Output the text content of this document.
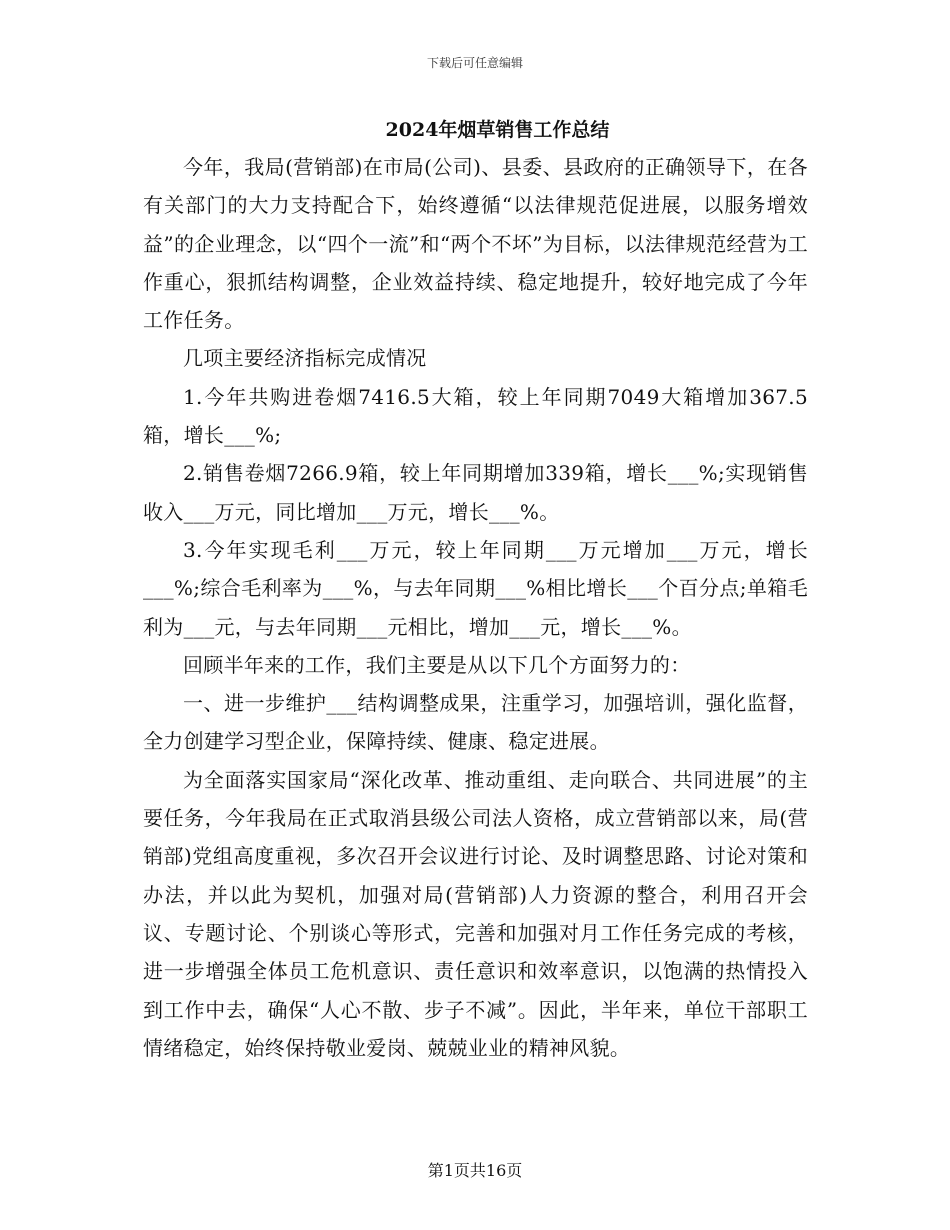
下载后可任意编辑
2024年烟草销售工作总结

今年，我局(营销部)在市局(公司)、县委、县政府的正确领导下，在各有关部门的大力支持配合下，始终遵循“以法律规范促进展，以服务增效益”的企业理念，以“四个一流”和“两个不坏”为目标，以法律规范经营为工作重心，狠抓结构调整，企业效益持续、稳定地提升，较好地完成了今年工作任务。

几项主要经济指标完成情况

1.今年共购进卷烟7416.5大箱，较上年同期7049大箱增加367.5箱，增长___%;

2.销售卷烟7266.9箱，较上年同期增加339箱，增长___%;实现销售收入___万元，同比增加___万元，增长___%。

3.今年实现毛利___万元，较上年同期___万元增加___万元，增长___%;综合毛利率为___%，与去年同期___%相比增长___个百分点;单箱毛利为___元，与去年同期___元相比，增加___元，增长___%。

回顾半年来的工作，我们主要是从以下几个方面努力的：

一、进一步维护___结构调整成果，注重学习，加强培训，强化监督，全力创建学习型企业，保障持续、健康、稳定进展。

为全面落实国家局“深化改革、推动重组、走向联合、共同进展”的主要任务，今年我局在正式取消县级公司法人资格，成立营销部以来，局(营销部)党组高度重视，多次召开会议进行讨论、及时调整思路、讨论对策和办法，并以此为契机，加强对局(营销部)人力资源的整合，利用召开会议、专题讨论、个别谈心等形式，完善和加强对月工作任务完成的考核，进一步增强全体员工危机意识、责任意识和效率意识，以饱满的热情投入到工作中去，确保“人心不散、步子不减”。因此，半年来，单位干部职工情绪稳定，始终保持敬业爱岗、兢兢业业的精神风貌。

第1页共16页
